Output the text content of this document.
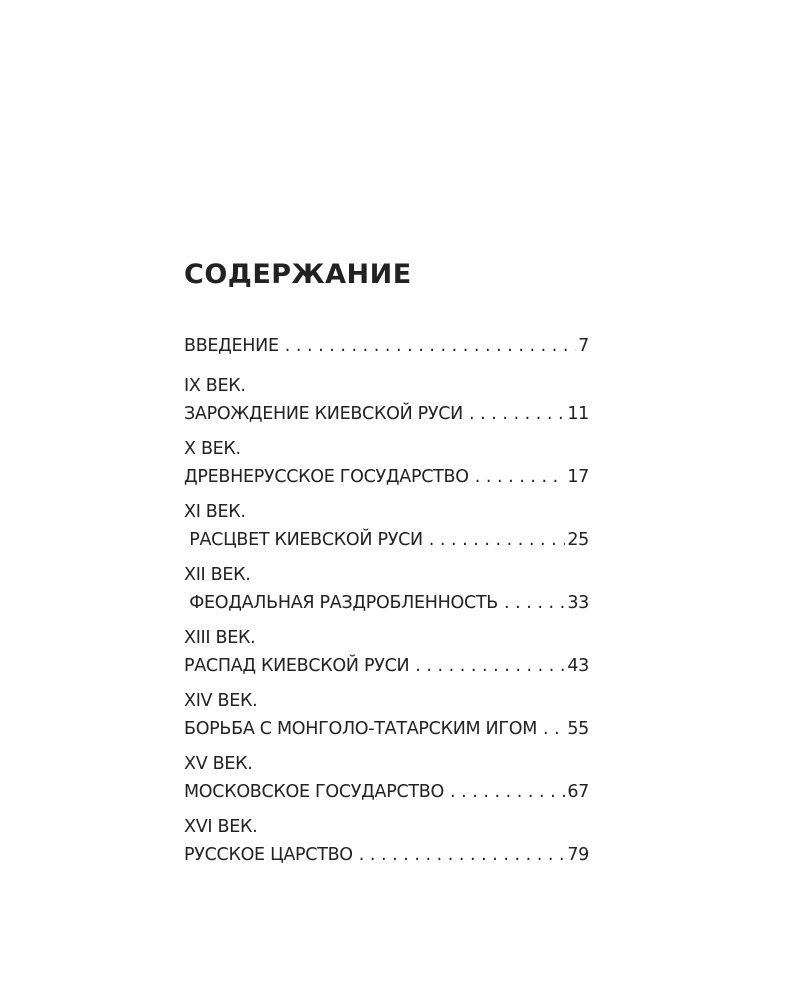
СОДЕРЖАНИЕ
ВВЕДЕНИЕ . . .	7
IX ВЕК.
ЗАРОЖДЕНИЕ КИЕВСКОЙ РУСИ . . .	11
X ВЕК.
ДРЕВНЕРУССКОЕ ГОСУДАРСТВО . . .	17
XI ВЕК.
РАСЦВЕТ КИЕВСКОЙ РУСИ . . .	25
XII ВЕК.
ФЕОДАЛЬНАЯ РАЗДРОБЛЕННОСТЬ . . .	33
XIII ВЕК.
РАСПАД КИЕВСКОЙ РУСИ . . .	43
XIV ВЕК.
БОРЬБА С МОНГОЛО-ТАТАРСКИМ ИГОМ . . . 55
XV ВЕК.
МОСКОВСКОЕ ГОСУДАРСТВО . . .	67
XVI ВЕК.
РУССКОЕ ЦАРСТВО . . .	79
